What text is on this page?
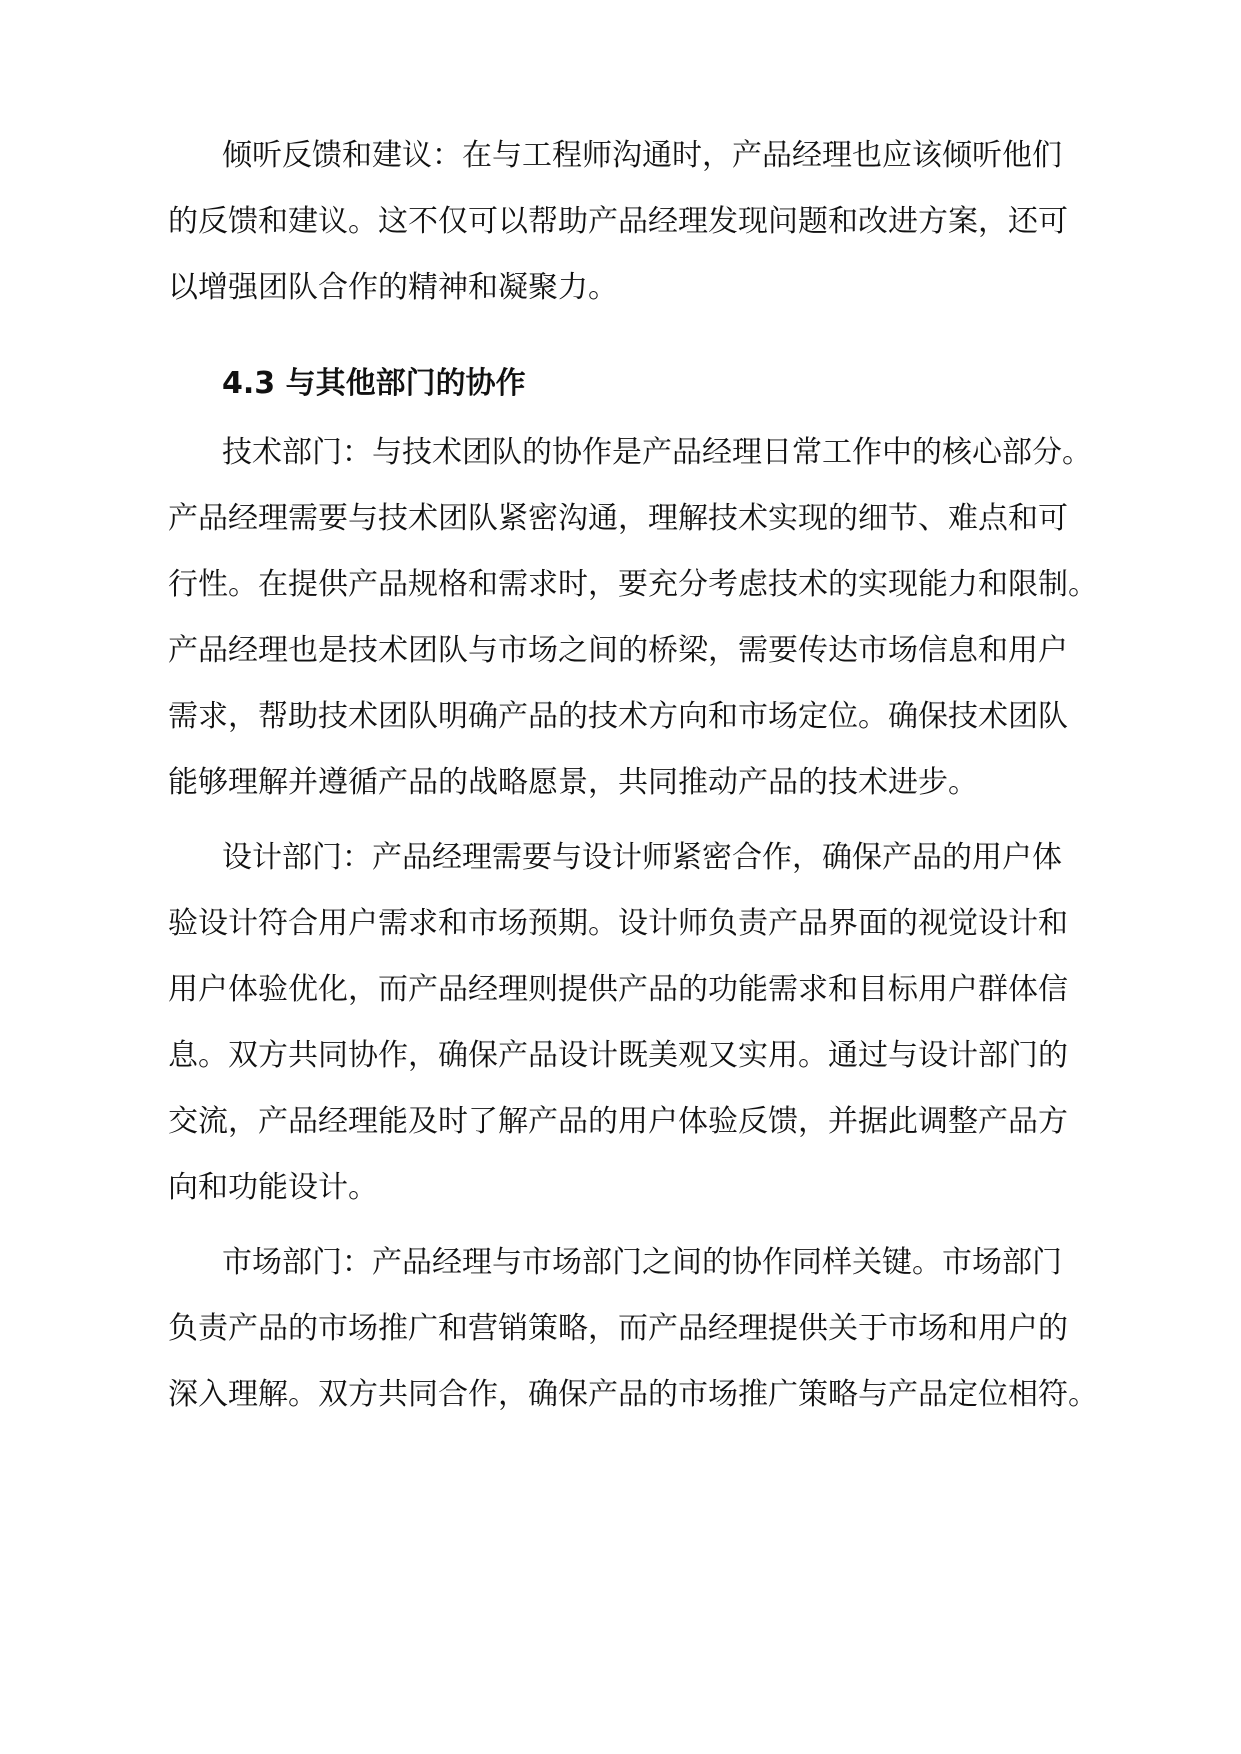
倾听反馈和建议：在与工程师沟通时，产品经理也应该倾听他们
的反馈和建议。这不仅可以帮助产品经理发现问题和改进方案，还可
以增强团队合作的精神和凝聚力。
4.3 与其他部门的协作
技术部门：与技术团队的协作是产品经理日常工作中的核心部分。
产品经理需要与技术团队紧密沟通，理解技术实现的细节、难点和可
行性。在提供产品规格和需求时，要充分考虑技术的实现能力和限制。
产品经理也是技术团队与市场之间的桥梁，需要传达市场信息和用户
需求，帮助技术团队明确产品的技术方向和市场定位。确保技术团队
能够理解并遵循产品的战略愿景，共同推动产品的技术进步。
设计部门：产品经理需要与设计师紧密合作，确保产品的用户体
验设计符合用户需求和市场预期。设计师负责产品界面的视觉设计和
用户体验优化，而产品经理则提供产品的功能需求和目标用户群体信
息。双方共同协作，确保产品设计既美观又实用。通过与设计部门的
交流，产品经理能及时了解产品的用户体验反馈，并据此调整产品方
向和功能设计。
市场部门：产品经理与市场部门之间的协作同样关键。市场部门
负责产品的市场推广和营销策略，而产品经理提供关于市场和用户的
深入理解。双方共同合作，确保产品的市场推广策略与产品定位相符。
